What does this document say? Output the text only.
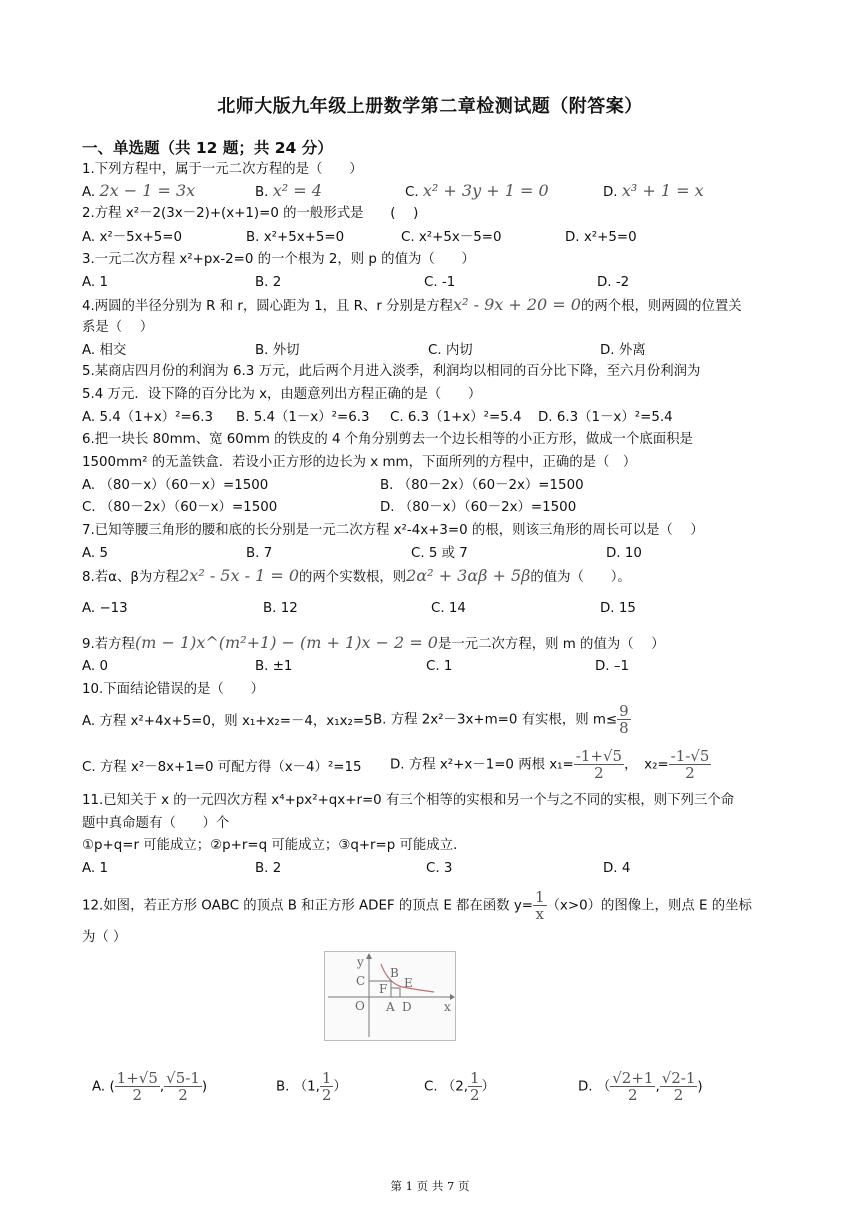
北师大版九年级上册数学第二章检测试题（附答案）
一、单选题（共 12 题；共 24 分）
1.下列方程中，属于一元二次方程的是（　　）
A. 2x − 1 = 3x	B. x² = 4	C. x² + 3y + 1 = 0	D. x³ + 1 = x
2.方程 x²－2(3x－2)+(x+1)=0 的一般形式是　　(　 )
A. x²－5x+5=0	B. x²+5x+5=0	C. x²+5x－5=0	D. x²+5=0
3.一元二次方程 x²+px-2=0 的一个根为 2，则 p 的值为（　　）
A. 1	B. 2	C. -1	D. -2
4.两圆的半径分别为 R 和 r，圆心距为 1，且 R、r 分别是方程x² - 9x + 20 = 0的两个根，则两圆的位置关
系是（　 ）
A. 相交	B. 外切	C. 内切	D. 外离
5.某商店四月份的利润为 6.3 万元，此后两个月进入淡季，利润均以相同的百分比下降，至六月份利润为
5.4 万元．设下降的百分比为 x，由题意列出方程正确的是（　　）
A. 5.4（1+x）²=6.3 B. 5.4（1－x）²=6.3 C. 6.3（1+x）²=5.4 D. 6.3（1－x）²=5.4
6.把一块长 80mm、宽 60mm 的铁皮的 4 个角分别剪去一个边长相等的小正方形，做成一个底面积是
1500mm² 的无盖铁盒．若设小正方形的边长为 x mm，下面所列的方程中，正确的是（　）
A. （80－x）（60－x）=1500	B. （80－2x）（60－2x）=1500
C. （80－2x）（60－x）=1500	D. （80－x）（60－2x）=1500
7.已知等腰三角形的腰和底的长分别是一元二次方程 x²-4x+3=0 的根，则该三角形的周长可以是（　 ）
A. 5	B. 7	C. 5 或 7	D. 10
8.若α、β为方程2x² - 5x - 1 = 0的两个实数根，则2α² + 3αβ + 5β的值为（　　）。
A. −13	B. 12	C. 14	D. 15
9.若方程(m − 1)x^(m²+1) − (m + 1)x − 2 = 0是一元二次方程，则 m 的值为（　 ）
A. 0	B. ±1	C. 1	D. –1
10.下面结论错误的是（　　）
A. 方程 x²+4x+5=0，则 x₁+x₂=－4，x₁x₂=5 B. 方程 2x²－3x+m=0 有实根，则 $m\le \frac{9}{8}$
C. 方程 x²－8x+1=0 可配方得（x－4）²=15 D. 方程 x²+x－1=0 两根 $x_1= \frac{-1+√5}{2}$ ，　$x_2= \frac{-1-√5}{2}$
11.已知关于 x 的一元四次方程 x⁴+px²+qx+r=0 有三个相等的实根和另一个与之不同的实根，则下列三个命
题中真命题有（　　）个
①p+q=r 可能成立；②p+r=q 可能成立；③q+r=p 可能成立．
A. 1	B. 2	C. 3	D. 4
12.如图，若正方形 OABC 的顶点 B 和正方形 ADEF 的顶点 E 都在函数 $y= \frac{1}{x} (x>0)$的图像上，则点 E 的坐标
为（ ）
y
x
O A D
B
C	E
F
A. ( $\frac{1+√5}{2}$ , $\frac{√5-1}{2}$ )	B. （1, $\frac{1}{2}$ ）	C. （2, $\frac{1}{2}$ ）	D. （ $\frac{√2+1}{2}$ , $\frac{√2-1}{2}$ )
第 1 页 共 7 页
